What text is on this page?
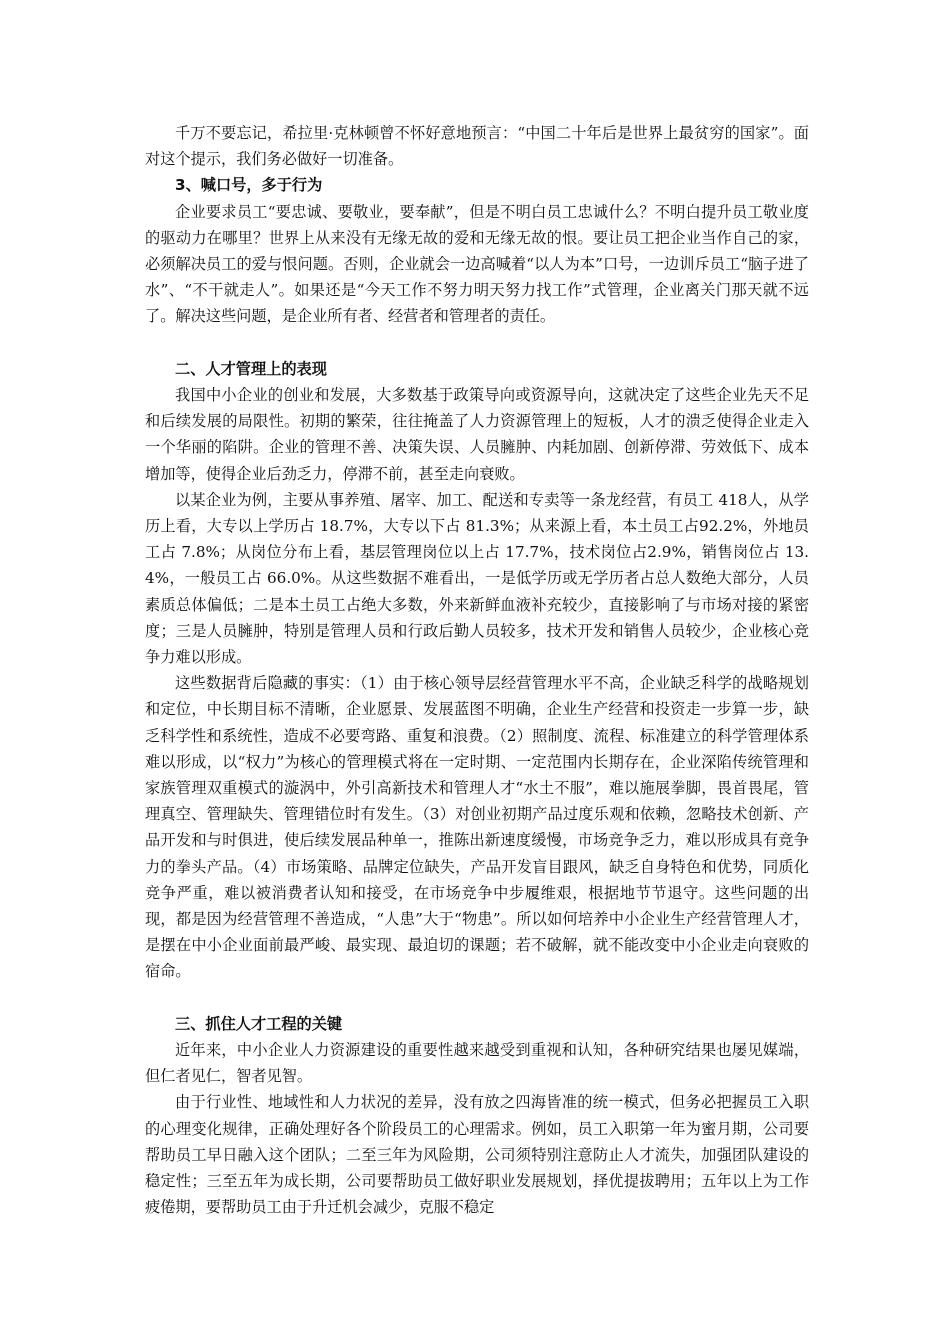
千万不要忘记，希拉里·克林顿曾不怀好意地预言：“中国二十年后是世界上最贫穷的国家”。面对这个提示，我们务必做好一切准备。

3、喊口号，多于行为

企业要求员工“要忠诚、要敬业，要奉献”，但是不明白员工忠诚什么？不明白提升员工敬业度的驱动力在哪里？世界上从来没有无缘无故的爱和无缘无故的恨。要让员工把企业当作自己的家，必须解决员工的爱与恨问题。否则，企业就会一边高喊着“以人为本”口号，一边训斥员工“脑子进了水”、“不干就走人”。如果还是“今天工作不努力明天努力找工作”式管理，企业离关门那天就不远了。解决这些问题，是企业所有者、经营者和管理者的责任。

二、人才管理上的表现

我国中小企业的创业和发展，大多数基于政策导向或资源导向，这就决定了这些企业先天不足和后续发展的局限性。初期的繁荣，往往掩盖了人力资源管理上的短板，人才的溃乏使得企业走入一个华丽的陷阱。企业的管理不善、决策失误、人员臃肿、内耗加剧、创新停滞、劳效低下、成本增加等，使得企业后劲乏力，停滞不前，甚至走向衰败。

以某企业为例，主要从事养殖、屠宰、加工、配送和专卖等一条龙经营，有员工 418人，从学历上看，大专以上学历占 18.7%，大专以下占 81.3%；从来源上看，本土员工占92.2%，外地员工占 7.8%；从岗位分布上看，基层管理岗位以上占 17.7%，技术岗位占2.9%，销售岗位占 13.4%，一般员工占 66.0%。从这些数据不难看出，一是低学历或无学历者占总人数绝大部分，人员素质总体偏低；二是本土员工占绝大多数，外来新鲜血液补充较少，直接影响了与市场对接的紧密度；三是人员臃肿，特别是管理人员和行政后勤人员较多，技术开发和销售人员较少，企业核心竞争力难以形成。

这些数据背后隐藏的事实：（1）由于核心领导层经营管理水平不高，企业缺乏科学的战略规划和定位，中长期目标不清晰，企业愿景、发展蓝图不明确，企业生产经营和投资走一步算一步，缺乏科学性和系统性，造成不必要弯路、重复和浪费。（2）照制度、流程、标准建立的科学管理体系难以形成，以“权力”为核心的管理模式将在一定时期、一定范围内长期存在，企业深陷传统管理和家族管理双重模式的漩涡中，外引高新技术和管理人才“水土不服”，难以施展拳脚，畏首畏尾，管理真空、管理缺失、管理错位时有发生。（3）对创业初期产品过度乐观和依赖，忽略技术创新、产品开发和与时俱进，使后续发展品种单一，推陈出新速度缓慢，市场竞争乏力，难以形成具有竞争力的拳头产品。（4）市场策略、品牌定位缺失，产品开发盲目跟风，缺乏自身特色和优势，同质化竞争严重，难以被消费者认知和接受，在市场竞争中步履维艰，根据地节节退守。这些问题的出现，都是因为经营管理不善造成，“人患”大于“物患”。所以如何培养中小企业生产经营管理人才，是摆在中小企业面前最严峻、最实现、最迫切的课题；若不破解，就不能改变中小企业走向衰败的宿命。

三、抓住人才工程的关键

近年来，中小企业人力资源建设的重要性越来越受到重视和认知，各种研究结果也屡见媒端，但仁者见仁，智者见智。

由于行业性、地域性和人力状况的差异，没有放之四海皆准的统一模式，但务必把握员工入职的心理变化规律，正确处理好各个阶段员工的心理需求。例如，员工入职第一年为蜜月期，公司要帮助员工早日融入这个团队；二至三年为风险期，公司须特别注意防止人才流失，加强团队建设的稳定性；三至五年为成长期，公司要帮助员工做好职业发展规划，择优提拔聘用；五年以上为工作疲倦期，要帮助员工由于升迁机会减少，克服不稳定
